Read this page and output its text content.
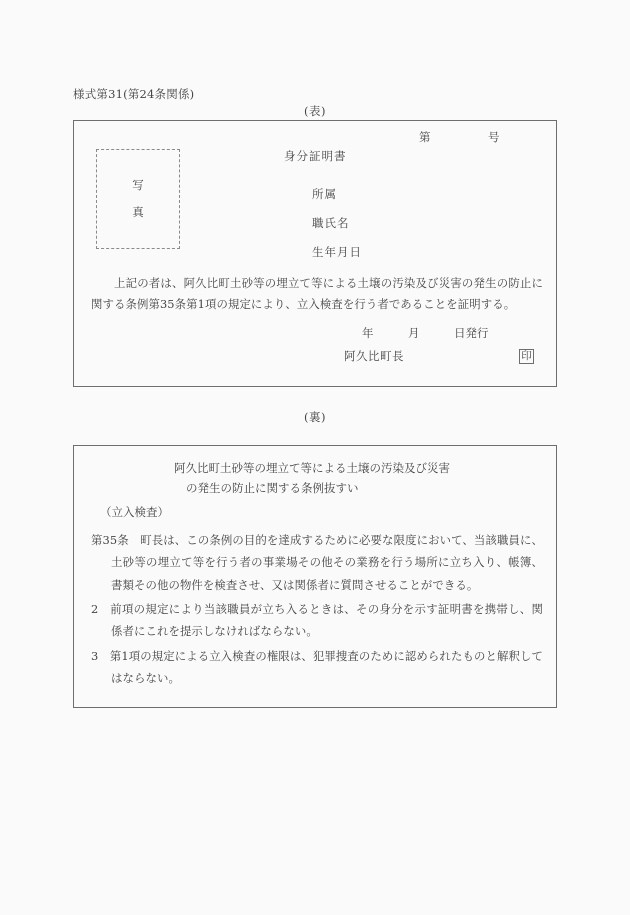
様式第31(第24条関係)
(表)
第　　　　　号
写
真
身分証明書
所属
職氏名
生年月日
上記の者は、阿久比町土砂等の埋立て等による土壌の汚染及び災害の発生の防止に関する条例第35条第1項の規定により、立入検査を行う者であることを証明する。
年　　　月　　　日発行
阿久比町長	印
(裏)
阿久比町土砂等の埋立て等による土壌の汚染及び災害
の発生の防止に関する条例抜すい
（立入検査）

第35条　町長は、この条例の目的を達成するために必要な限度において、当該職員に、土砂等の埋立て等を行う者の事業場その他その業務を行う場所に立ち入り、帳簿、書類その他の物件を検査させ、又は関係者に質問させることができる。

2　前項の規定により当該職員が立ち入るときは、その身分を示す証明書を携帯し、関係者にこれを提示しなければならない。

3　第1項の規定による立入検査の権限は、犯罪捜査のために認められたものと解釈してはならない。
